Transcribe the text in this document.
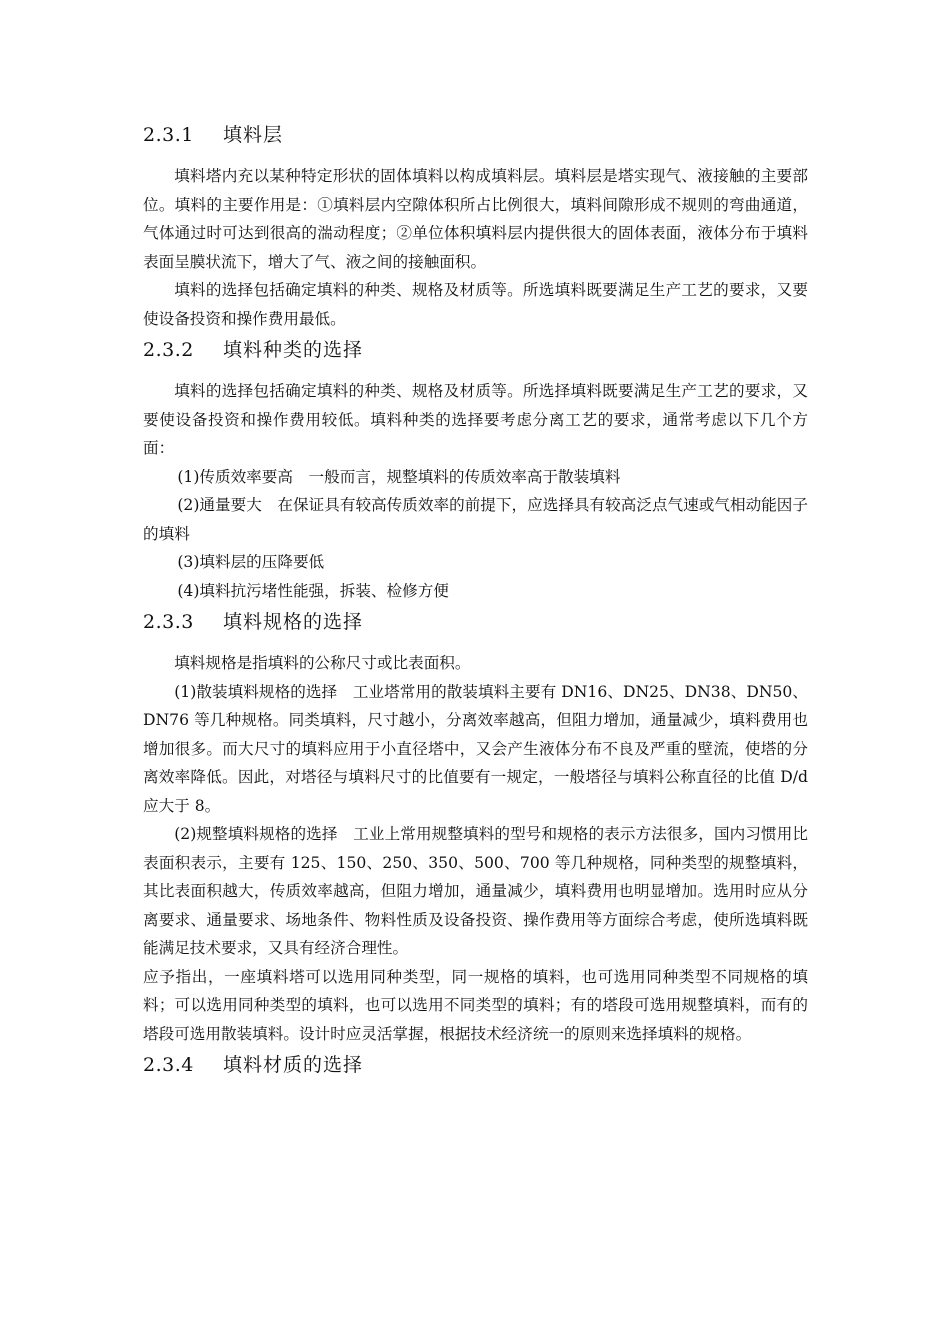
2.3.1 填料层

填料塔内充以某种特定形状的固体填料以构成填料层。填料层是塔实现气、液接触的主要部位。填料的主要作用是：①填料层内空隙体积所占比例很大，填料间隙形成不规则的弯曲通道，气体通过时可达到很高的湍动程度；②单位体积填料层内提供很大的固体表面，液体分布于填料表面呈膜状流下，增大了气、液之间的接触面积。

填料的选择包括确定填料的种类、规格及材质等。所选填料既要满足生产工艺的要求，又要使设备投资和操作费用最低。

2.3.2 填料种类的选择

填料的选择包括确定填料的种类、规格及材质等。所选择填料既要满足生产工艺的要求，又要使设备投资和操作费用较低。填料种类的选择要考虑分离工艺的要求，通常考虑以下几个方面：

(1)传质效率要高　一般而言，规整填料的传质效率高于散装填料

(2)通量要大　在保证具有较高传质效率的前提下，应选择具有较高泛点气速或气相动能因子的填料

(3)填料层的压降要低

(4)填料抗污堵性能强，拆装、检修方便

2.3.3 填料规格的选择

填料规格是指填料的公称尺寸或比表面积。

(1)散装填料规格的选择　工业塔常用的散装填料主要有 DN16、DN25、DN38、DN50、DN76 等几种规格。同类填料，尺寸越小，分离效率越高，但阻力增加，通量减少，填料费用也增加很多。而大尺寸的填料应用于小直径塔中，又会产生液体分布不良及严重的壁流，使塔的分离效率降低。因此，对塔径与填料尺寸的比值要有一规定，一般塔径与填料公称直径的比值 D/d 应大于 8。

(2)规整填料规格的选择　工业上常用规整填料的型号和规格的表示方法很多，国内习惯用比表面积表示，主要有 125、150、250、350、500、700 等几种规格，同种类型的规整填料，其比表面积越大，传质效率越高，但阻力增加，通量减少，填料费用也明显增加。选用时应从分离要求、通量要求、场地条件、物料性质及设备投资、操作费用等方面综合考虑，使所选填料既能满足技术要求，又具有经济合理性。

应予指出，一座填料塔可以选用同种类型，同一规格的填料，也可选用同种类型不同规格的填料；可以选用同种类型的填料，也可以选用不同类型的填料；有的塔段可选用规整填料，而有的塔段可选用散装填料。设计时应灵活掌握，根据技术经济统一的原则来选择填料的规格。

2.3.4 填料材质的选择
